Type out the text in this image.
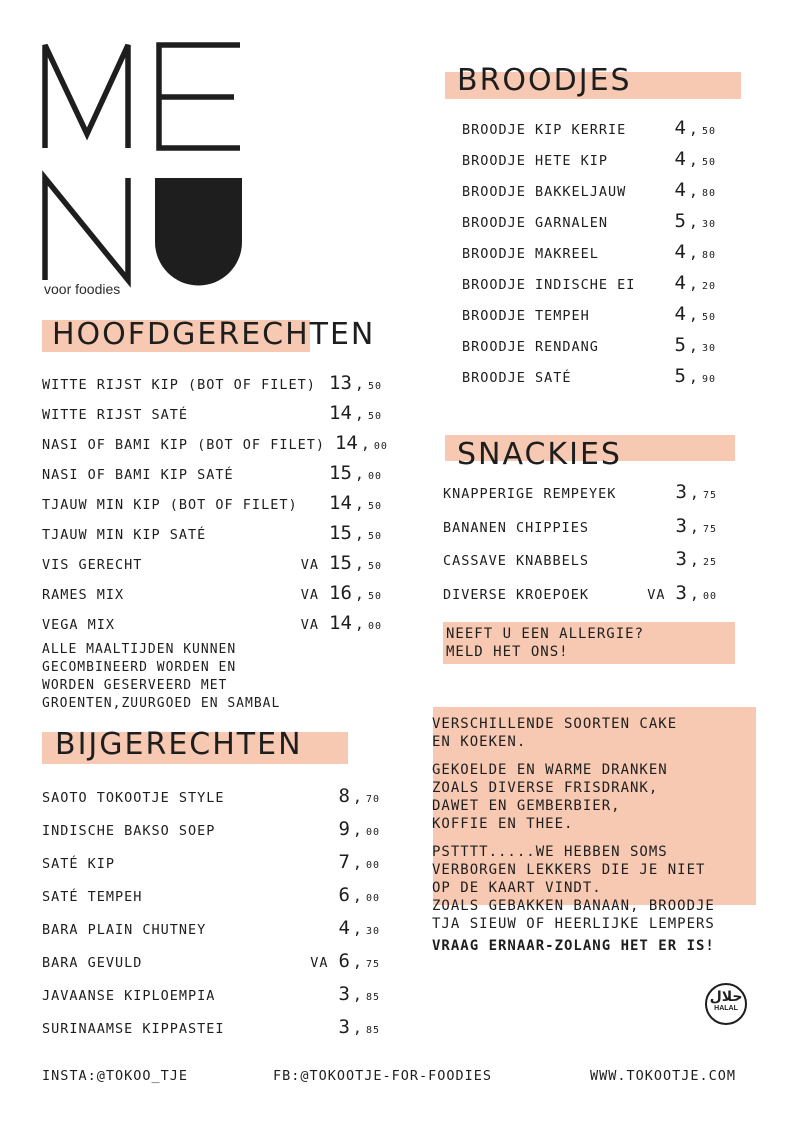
voor foodies
HOOFDGERECHTEN
WITTE RIJST KIP (BOT OF FILET) 13 , 50
WITTE RIJST SATÉ	14 , 50
NASI OF BAMI KIP (BOT OF FILET) 14 , 00
NASI OF BAMI KIP SATÉ	15 , 00
TJAUW MIN KIP (BOT OF FILET)	14 , 50
TJAUW MIN KIP SATÉ	15 , 50
VIS GERECHT	VA 15 , 50
RAMES MIX	VA 16 , 50
VEGA MIX	VA 14 , 00
ALLE MAALTIJDEN KUNNEN
GECOMBINEERD WORDEN EN
WORDEN GESERVEERD MET
GROENTEN,ZUURGOED EN SAMBAL
BIJGERECHTEN
SAOTO TOKOOTJE STYLE	8 , 70
INDISCHE BAKSO SOEP	9 , 00
SATÉ KIP	7 , 00
SATÉ TEMPEH	6 , 00
BARA PLAIN CHUTNEY	4 , 30
BARA GEVULD	VA 6 , 75
JAVAANSE KIPLOEMPIA	3 , 85
SURINAAMSE KIPPASTEI	3 , 85
BROODJES
BROODJE KIP KERRIE	4 , 50
BROODJE HETE KIP	4 , 50
BROODJE BAKKELJAUW	4 , 80
BROODJE GARNALEN	5 , 30
BROODJE MAKREEL	4 , 80
BROODJE INDISCHE EI	4 , 20
BROODJE TEMPEH	4 , 50
BROODJE RENDANG	5 , 30
BROODJE SATÉ	5 , 90
SNACKIES
KNAPPERIGE REMPEYEK	3 , 75
BANANEN CHIPPIES	3 , 75
CASSAVE KNABBELS	3 , 25
DIVERSE KROEPOEK	VA 3 , 00
NEEFT U EEN ALLERGIE?
MELD HET ONS!

VERSCHILLENDE SOORTEN CAKE
EN KOEKEN.

GEKOELDE EN WARME DRANKEN
ZOALS DIVERSE FRISDRANK,
DAWET EN GEMBERBIER,
KOFFIE EN THEE.

PSTTTT.....WE HEBBEN SOMS
VERBORGEN LEKKERS DIE JE NIET
OP DE KAART VINDT.
ZOALS GEBAKKEN BANAAN, BROODJE
TJA SIEUW OF HEERLIJKE LEMPERS

VRAAG ERNAAR-ZOLANG HET ER IS!

حلال
HALAL
INSTA:@TOKOO_TJE	FB:@TOKOOTJE-FOR-FOODIES	WWW.TOKOOTJE.COM
